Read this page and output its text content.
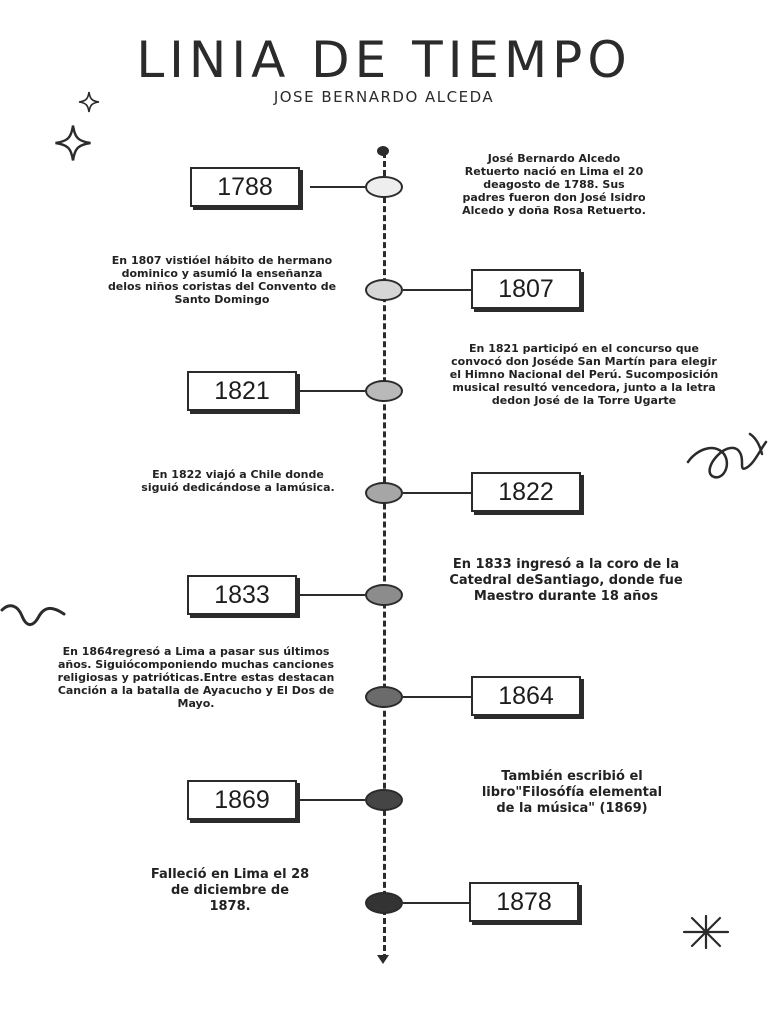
LINIA DE TIEMPO
JOSE BERNARDO ALCEDA
1788
José Bernardo Alcedo Retuerto nació en Lima el 20 deagosto de 1788. Sus padres fueron don José Isidro Alcedo y doña Rosa Retuerto.
En 1807 vistióel hábito de hermano dominico y asumió la enseñanza delos niños coristas del Convento de Santo Domingo	1807
1821
En 1821 participó en el concurso que convocó don Joséde San Martín para elegir el Himno Nacional del Perú. Sucomposición musical resultó vencedora, junto a la letra dedon José de la Torre Ugarte
En 1822 viajó a Chile donde siguió dedicándose a lamúsica.	1822
1833
En 1833 ingresó a la coro de la Catedral deSantiago, donde fue Maestro durante 18 años
En 1864regresó a Lima a pasar sus últimos años. Siguiócomponiendo muchas canciones religiosas y patrióticas.Entre estas destacan Canción a la batalla de Ayacucho y El Dos de Mayo.	1864
1869
También escribió el libro"Filosófía elemental de la música" (1869)
Falleció en Lima el 28 de diciembre de 1878.	1878
